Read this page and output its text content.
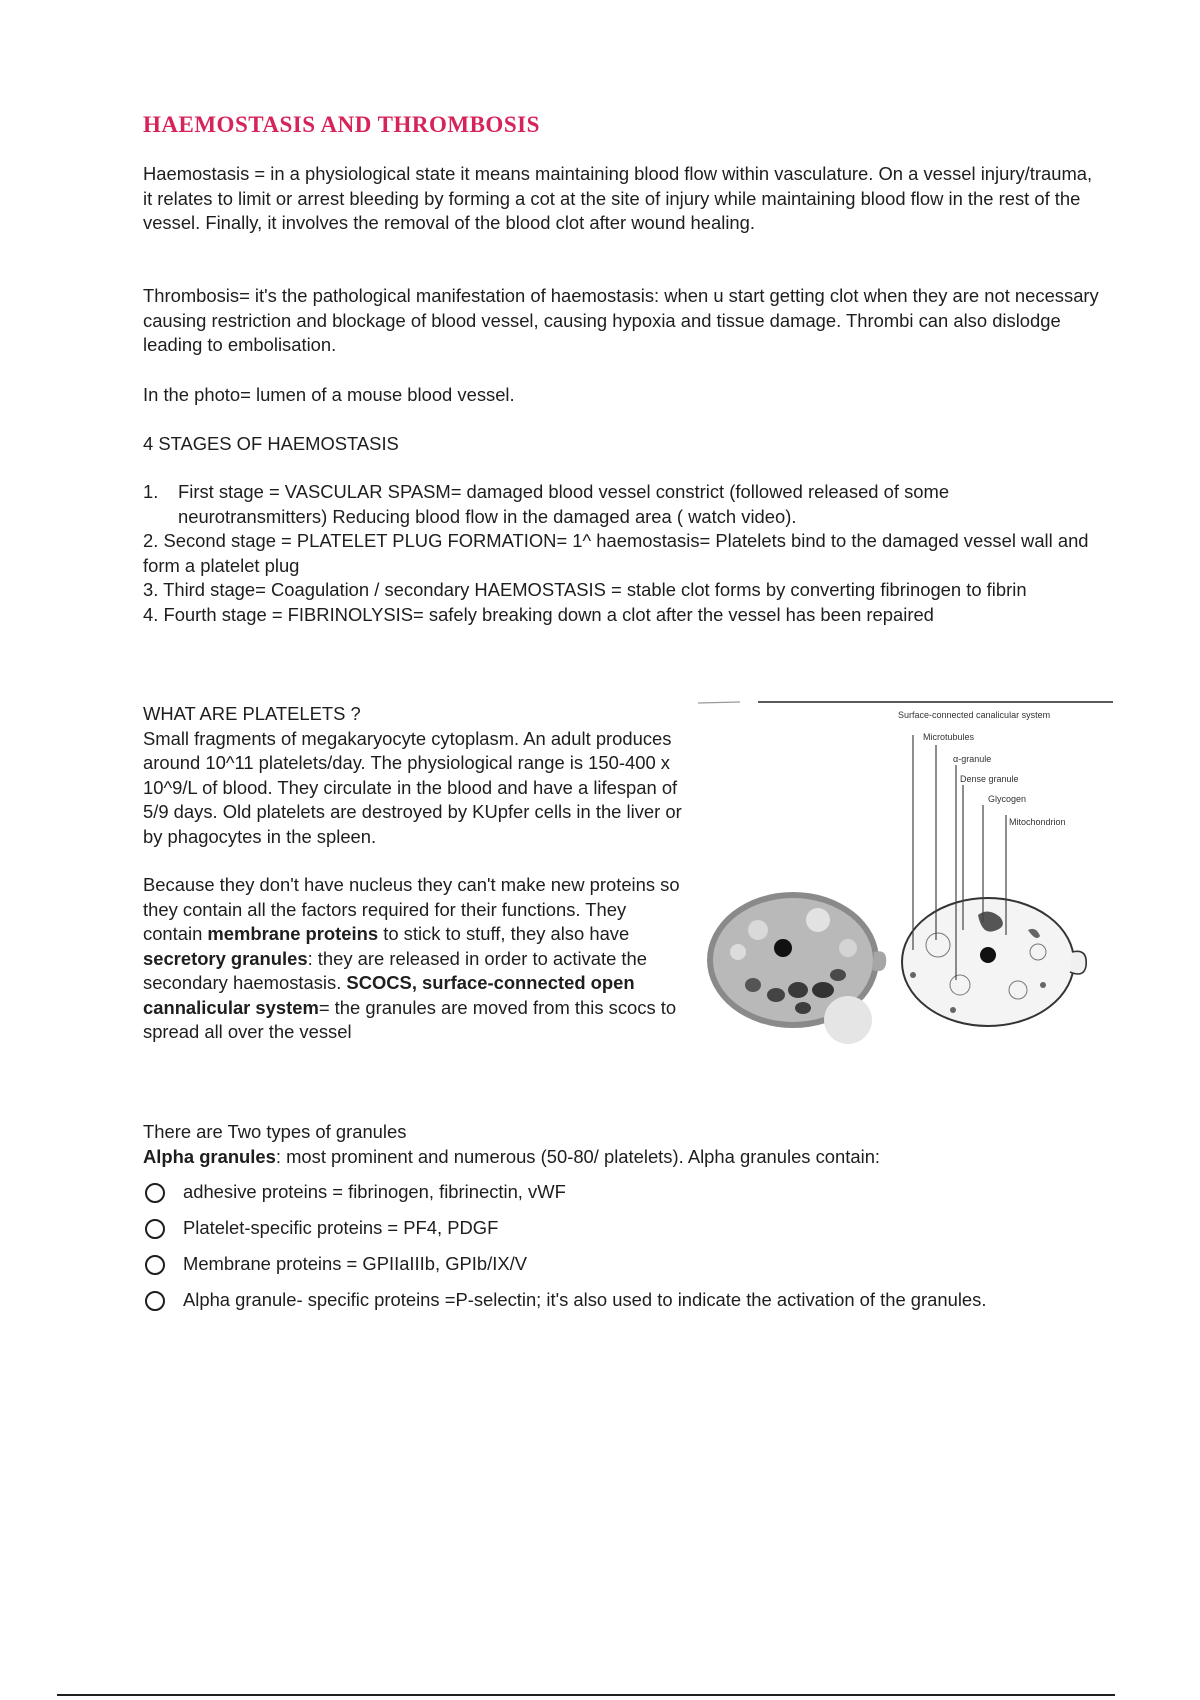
HAEMOSTASIS AND THROMBOSIS

Haemostasis = in a physiological state it means maintaining blood flow within vasculature. On a vessel injury/trauma, it relates to limit or arrest bleeding by forming a cot at the site of injury while maintaining blood flow in the rest of the vessel. Finally, it involves the removal of the blood clot after wound healing.

Thrombosis= it's the pathological manifestation of haemostasis: when u start getting clot when they are not necessary causing restriction and blockage of blood vessel, causing hypoxia and tissue damage. Thrombi can also dislodge leading to embolisation.

In the photo= lumen of a mouse blood vessel.

4 STAGES OF HAEMOSTASIS

1. First stage = VASCULAR SPASM= damaged blood vessel constrict (followed released of some neurotransmitters) Reducing blood flow in the damaged area ( watch video).
2. Second stage = PLATELET PLUG FORMATION= 1^ haemostasis= Platelets bind to the damaged vessel wall and form a platelet plug
3. Third stage= Coagulation / secondary HAEMOSTASIS = stable clot forms by converting fibrinogen to fibrin
4. Fourth stage = FIBRINOLYSIS= safely breaking down a clot after the vessel has been repaired

WHAT ARE PLATELETS ?

Small fragments of megakaryocyte cytoplasm. An adult produces around 10^11 platelets/day. The physiological range is 150-400 x 10^9/L of blood. They circulate in the blood and have a lifespan of 5/9 days. Old platelets are destroyed by KUpfer cells in the liver or by phagocytes in the spleen.

Because they don't have nucleus they can't make new proteins so they contain all the factors required for their functions. They contain membrane proteins to stick to stuff, they also have secretory granules: they are released in order to activate the secondary haemostasis. SCOCS, surface-connected open cannalicular system= the granules are moved from this scocs to spread all over the vessel

There are Two types of granules

Alpha granules: most prominent and numerous (50-80/ platelets). Alpha granules contain:

adhesive proteins = fibrinogen, fibrinectin, vWF
Platelet-specific proteins = PF4, PDGF
Membrane proteins = GPIIaIIIb, GPIb/IX/V
Alpha granule- specific proteins =P-selectin; it's also used to indicate the activation of the granules.
Surface-connected canalicular system
Microtubules
α-granule
Dense granule
Glycogen
Mitochondrion
